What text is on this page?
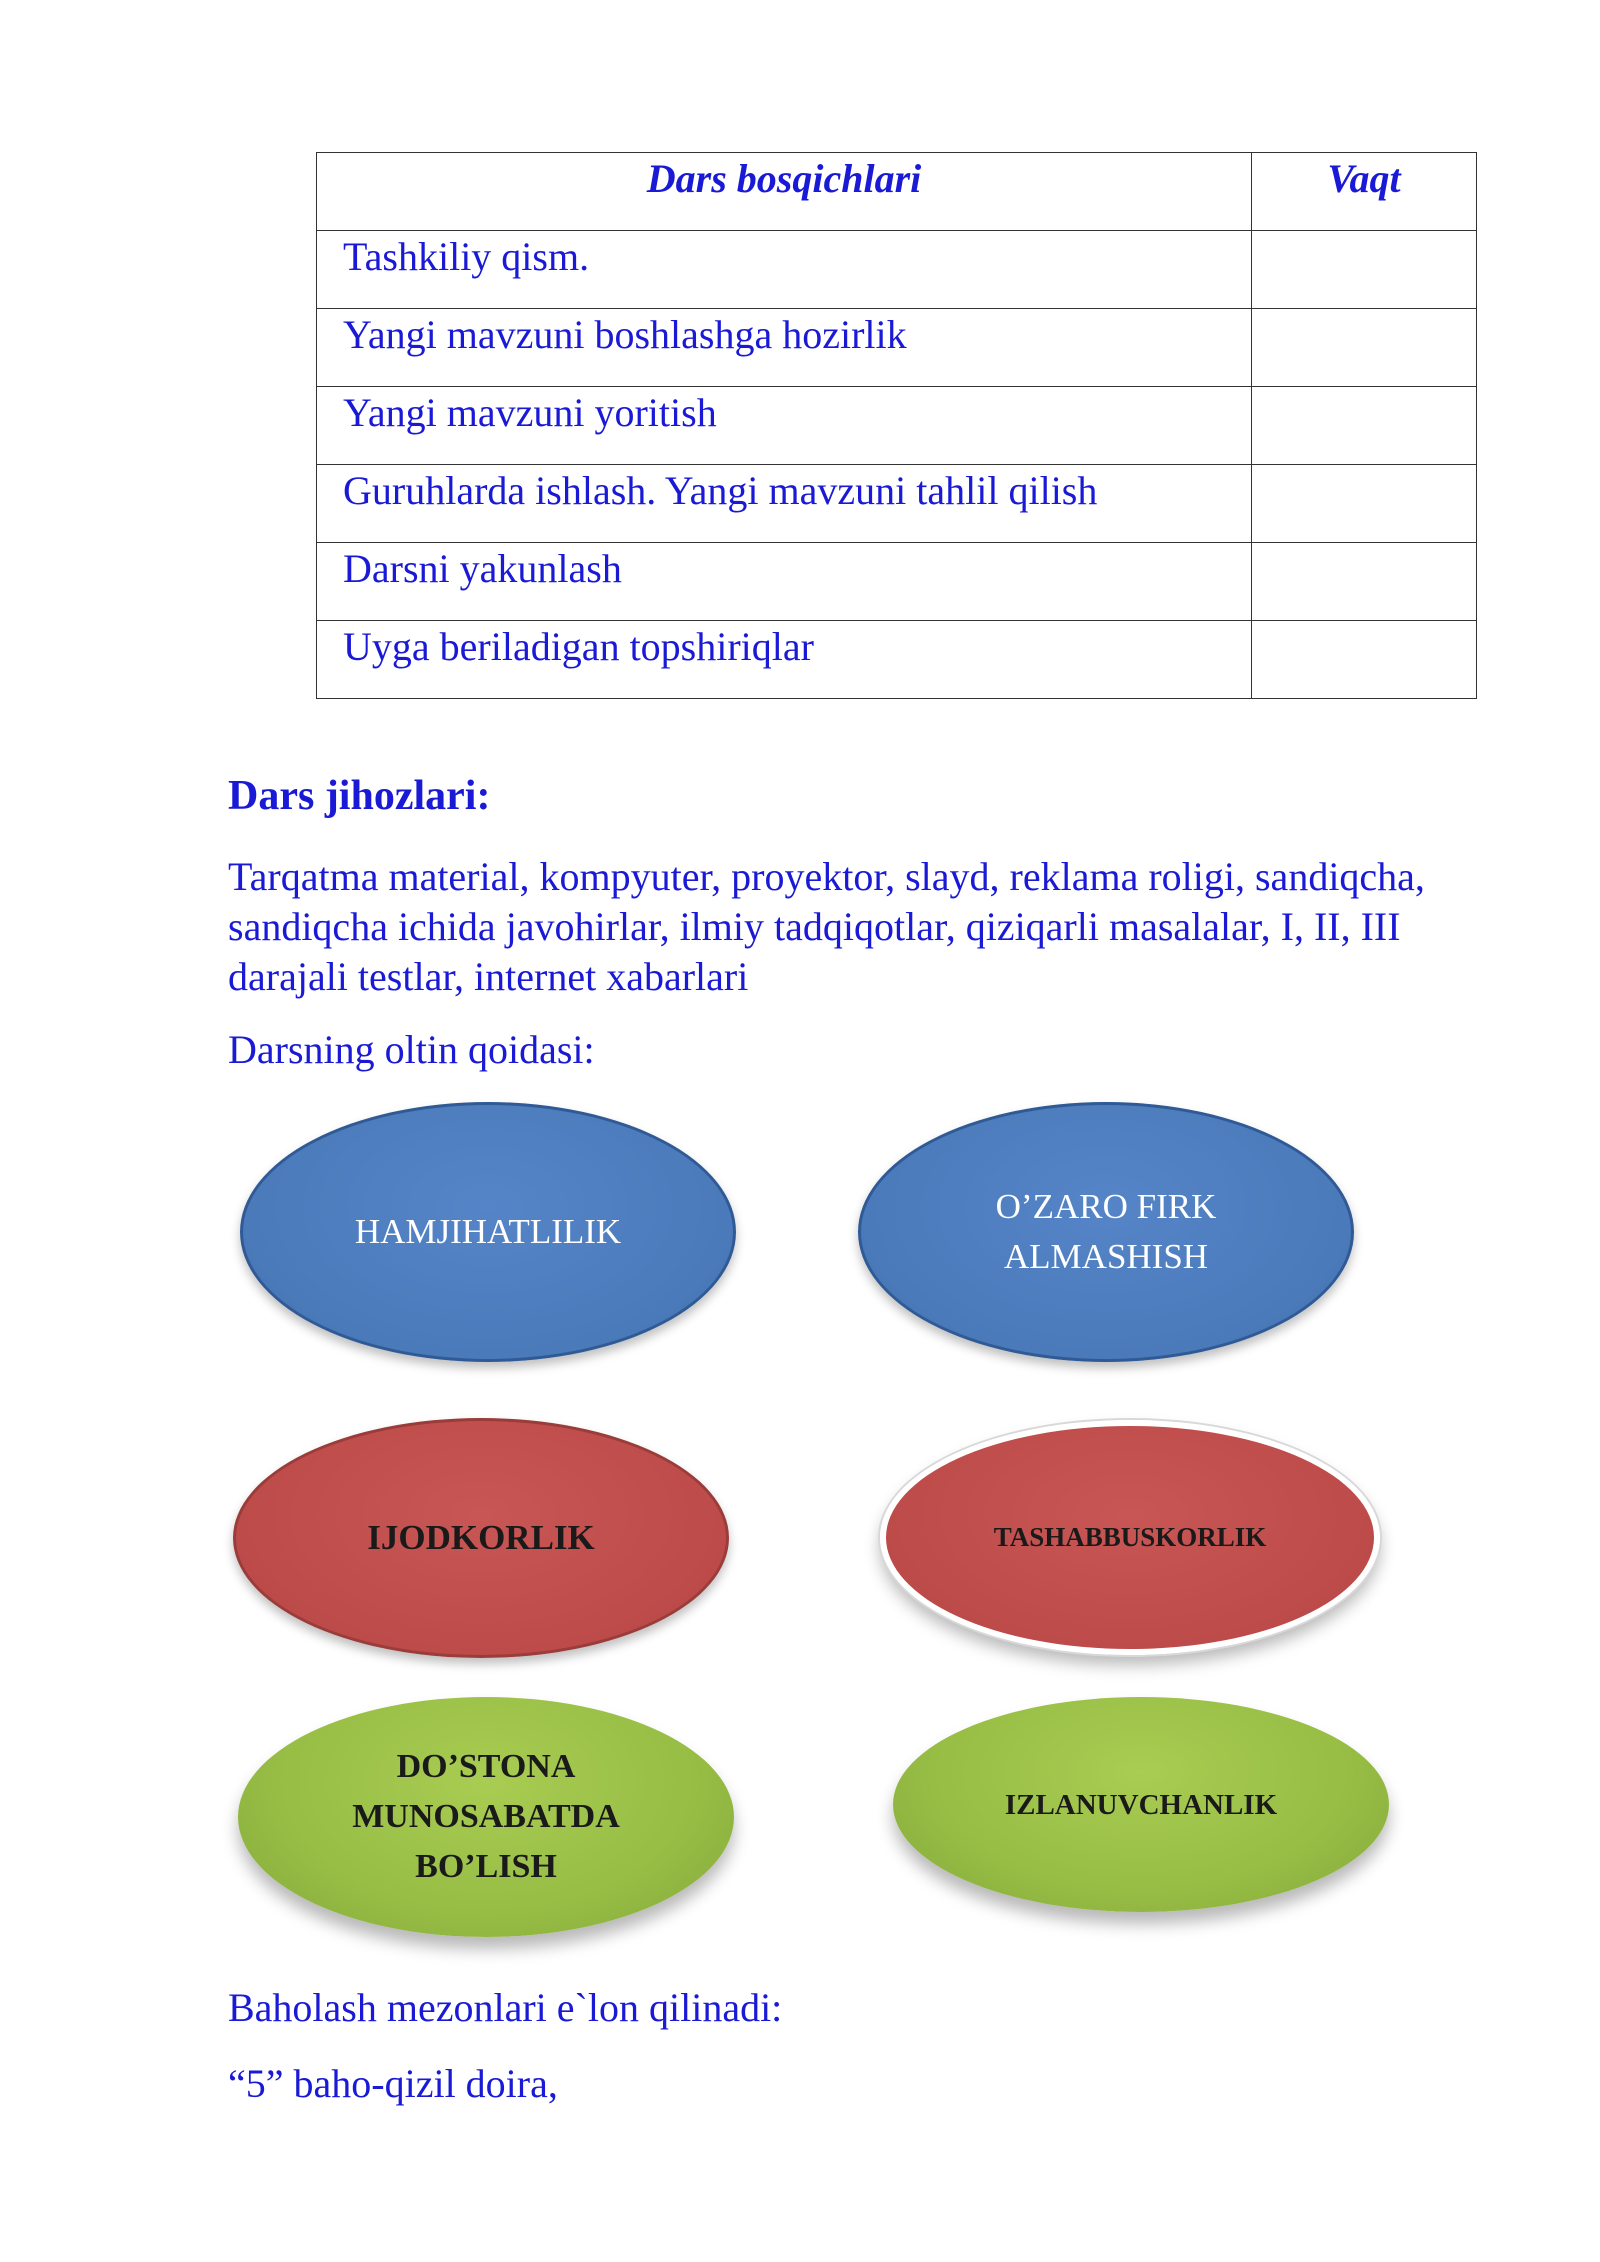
Dars bosqichlari	Vaqt
Tashkiliy qism.	
Yangi mavzuni boshlashga hozirlik	
Yangi mavzuni yoritish	
Guruhlarda ishlash. Yangi mavzuni tahlil qilish	
Darsni yakunlash	
Uyga beriladigan topshiriqlar	
Dars jihozlari:
Tarqatma material, kompyuter, proyektor, slayd, reklama roligi, sandiqcha, sandiqcha ichida javohirlar, ilmiy tadqiqotlar, qiziqarli masalalar, I, II, III darajali testlar, internet xabarlari
Darsning oltin qoidasi:
HAMJIHATLILIK
O’ZARO FIRK
ALMASHISH
IJODKORLIK	TASHABBUSKORLIK
DO’STONA
MUNOSABATDA
BO’LISH
IZLANUVCHANLIK
Baholash mezonlari e`lon qilinadi:
“5” baho-qizil doira,
